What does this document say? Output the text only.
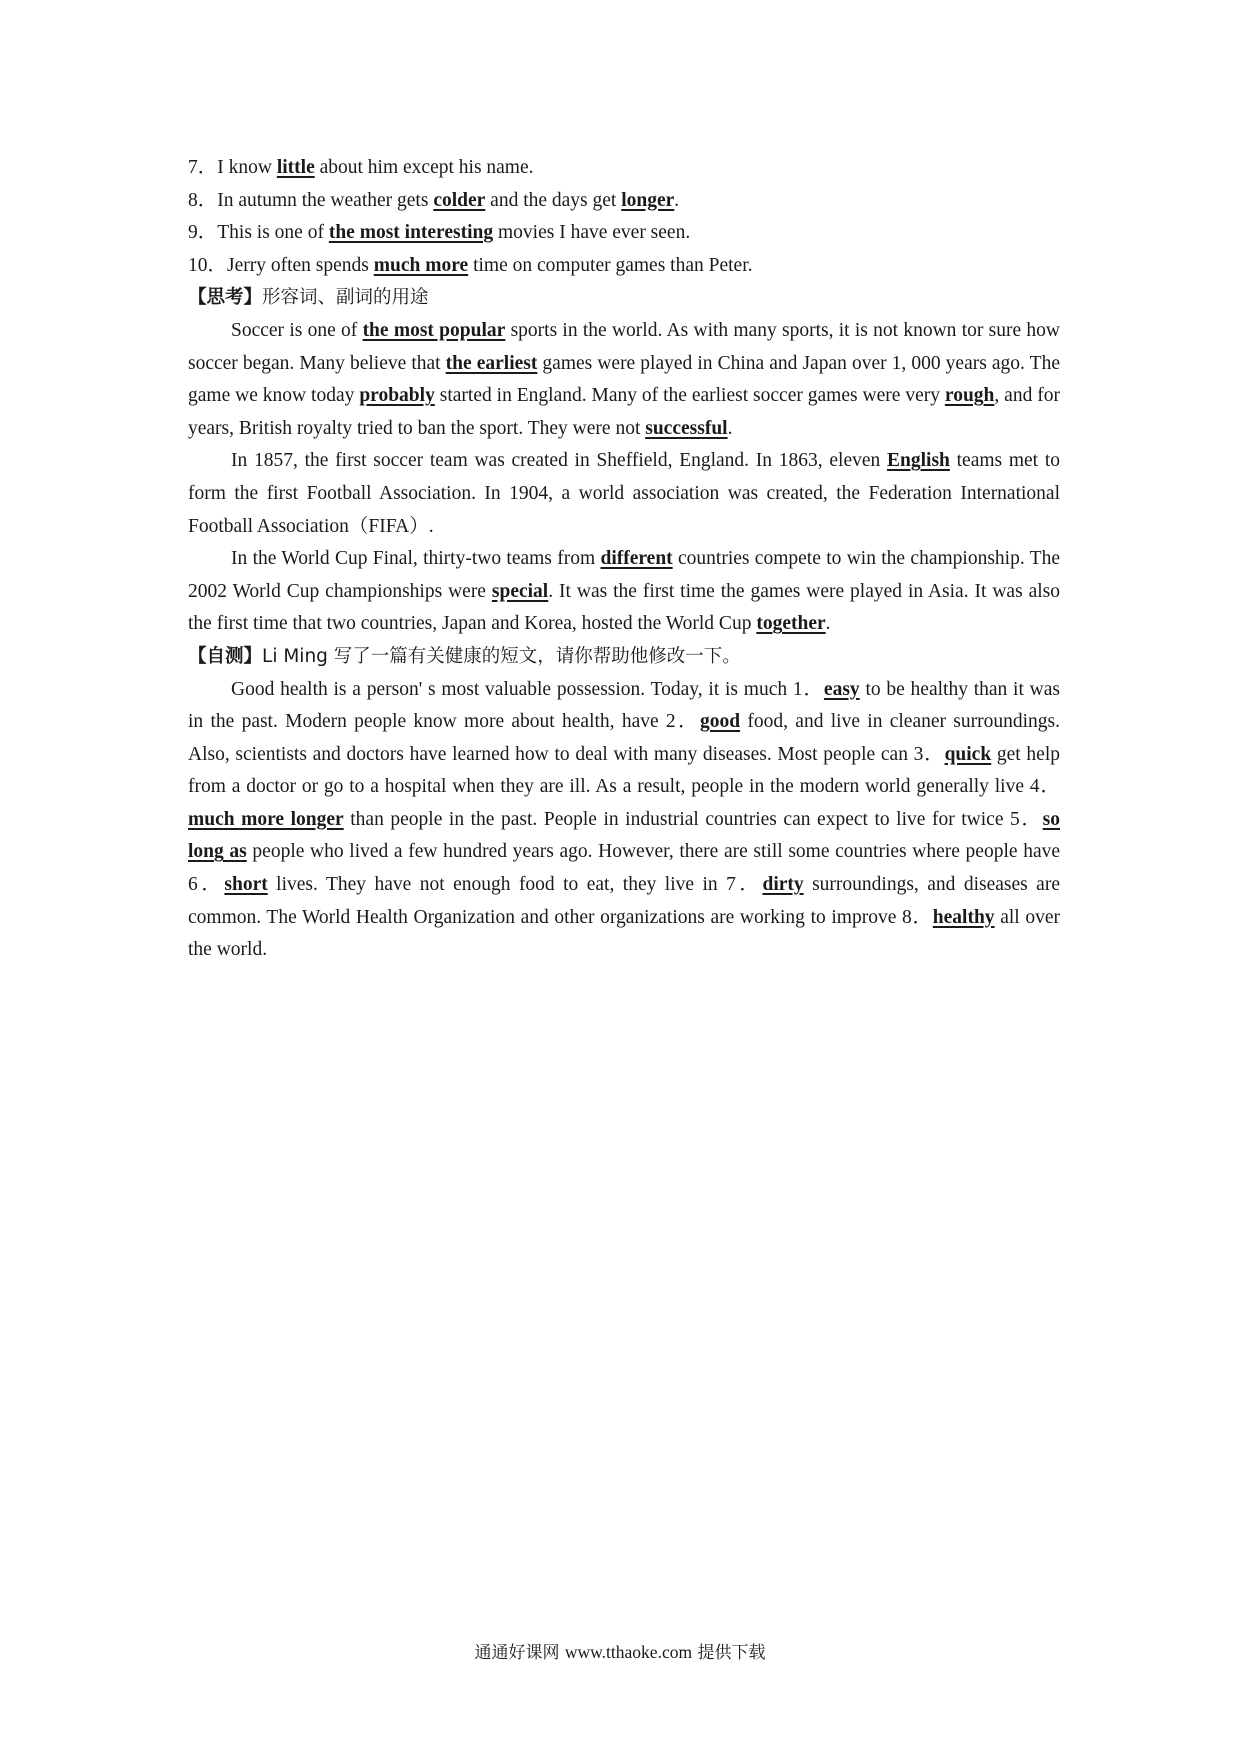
7．I know little about him except his name.

8．In autumn the weather gets colder and the days get longer.

9．This is one of the most interesting movies I have ever seen.

10．Jerry often spends much more time on computer games than Peter.

【思考】形容词、副词的用途

Soccer is one of the most popular sports in the world. As with many sports, it is not known tor sure how soccer began. Many believe that the earliest games were played in China and Japan over 1, 000 years ago. The game we know today probably started in England. Many of the earliest soccer games were very rough, and for years, British royalty tried to ban the sport. They were not successful.

In 1857, the first soccer team was created in Sheffield, England. In 1863, eleven English teams met to form the first Football Association. In 1904, a world association was created, the Federation International Football Association（FIFA）.

In the World Cup Final, thirty-two teams from different countries compete to win the championship. The 2002 World Cup championships were special. It was the first time the games were played in Asia. It was also the first time that two countries, Japan and Korea, hosted the World Cup together.

【自测】Li Ming 写了一篇有关健康的短文，请你帮助他修改一下。

Good health is a person' s most valuable possession. Today, it is much 1．easy to be healthy than it was in the past. Modern people know more about health, have 2．good food, and live in cleaner surroundings. Also, scientists and doctors have learned how to deal with many diseases. Most people can 3．quick get help from a doctor or go to a hospital when they are ill. As a result, people in the modern world generally live 4．much more longer than people in the past. People in industrial countries can expect to live for twice 5．so long as people who lived a few hundred years ago. However, there are still some countries where people have 6．short lives. They have not enough food to eat, they live in 7．dirty surroundings, and diseases are common. The World Health Organization and other organizations are working to improve 8．healthy all over the world.

通通好课网 www.tthaoke.com 提供下载
